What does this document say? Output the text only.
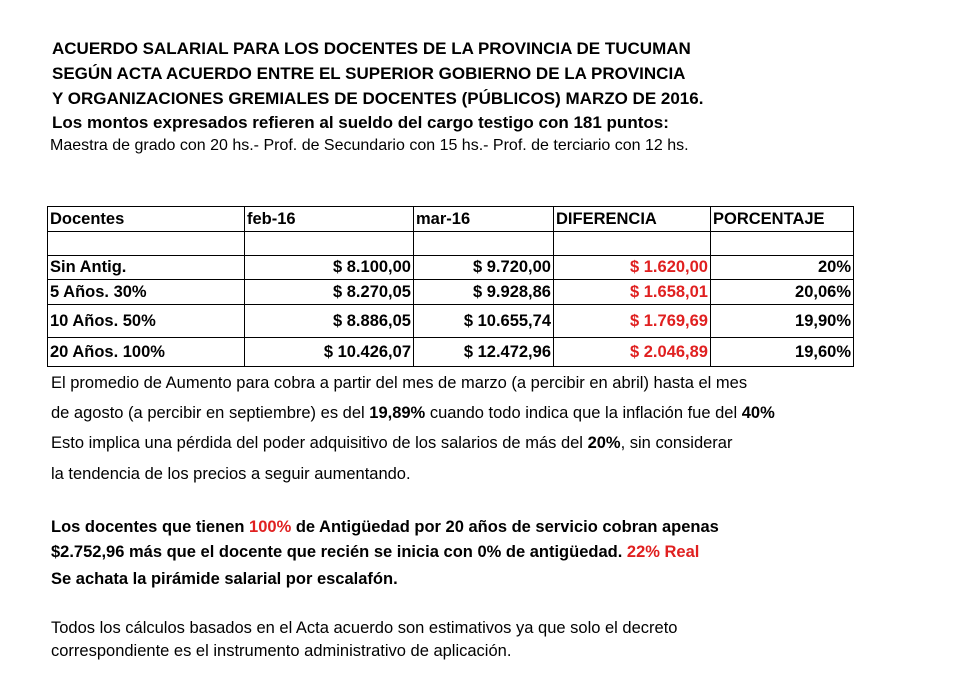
ACUERDO SALARIAL PARA LOS DOCENTES DE LA PROVINCIA DE TUCUMAN
SEGÚN ACTA ACUERDO ENTRE EL SUPERIOR GOBIERNO DE LA PROVINCIA
Y ORGANIZACIONES GREMIALES DE DOCENTES (PÚBLICOS) MARZO DE 2016.
Los montos expresados refieren al sueldo del cargo testigo con 181 puntos:
Maestra de grado con 20 hs.- Prof. de Secundario con 15 hs.- Prof. de terciario con 12 hs.
Docentes	feb-16	mar-16	DIFERENCIA	PORCENTAJE

Sin Antig.	$ 8.100,00	$ 9.720,00	$ 1.620,00	20%
5 Años. 30%	$ 8.270,05	$ 9.928,86	$ 1.658,01	20,06%
10 Años. 50%	$ 8.886,05	$ 10.655,74	$ 1.769,69	19,90%
20 Años. 100%	$ 10.426,07	$ 12.472,96	$ 2.046,89	19,60%
El promedio de Aumento para cobra a partir del mes de marzo (a percibir en abril) hasta el mes
de agosto (a percibir en septiembre) es del 19,89% cuando todo indica que la inflación fue del 40%
Esto implica una pérdida del poder adquisitivo de los salarios de más del 20%, sin considerar
la tendencia de los precios a seguir aumentando.
Los docentes que tienen 100% de Antigüedad por 20 años de servicio cobran apenas
$2.752,96 más que el docente que recién se inicia con 0% de antigüedad. 22% Real
Se achata la pirámide salarial por escalafón.
Todos los cálculos basados en el Acta acuerdo son estimativos ya que solo el decreto
correspondiente es el instrumento administrativo de aplicación.
